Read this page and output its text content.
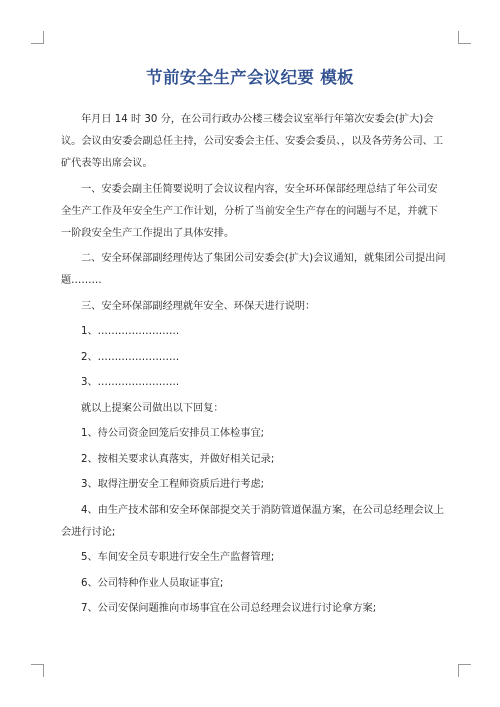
节前安全生产会议纪要 模板

年月日 14 时 30 分，在公司行政办公楼三楼会议室举行年第次安委会(扩大)会议。会议由安委会副总任主持，公司安委会主任、安委会委员、，以及各劳务公司、工矿代表等出席会议。

一、安委会副主任简要说明了会议议程内容，安全环环保部经理总结了年公司安全生产工作及年安全生产工作计划，分析了当前安全生产存在的问题与不足，并就下一阶段安全生产工作提出了具体安排。

二、安全环保部副经理传达了集团公司安委会(扩大)会议通知，就集团公司提出问题………

三、安全环保部副经理就年安全、环保天进行说明：

1、……………………

2、……………………

3、……………………

就以上提案公司做出以下回复：

1、待公司资金回笼后安排员工体检事宜;

2、按相关要求认真落实，并做好相关记录;

3、取得注册安全工程师资质后进行考虑;

4、由生产技术部和安全环保部提交关于消防管道保温方案，在公司总经理会议上会进行讨论;

5、车间安全员专职进行安全生产监督管理;

6、公司特种作业人员取证事宜;

7、公司安保问题推向市场事宜在公司总经理会议进行讨论拿方案;
